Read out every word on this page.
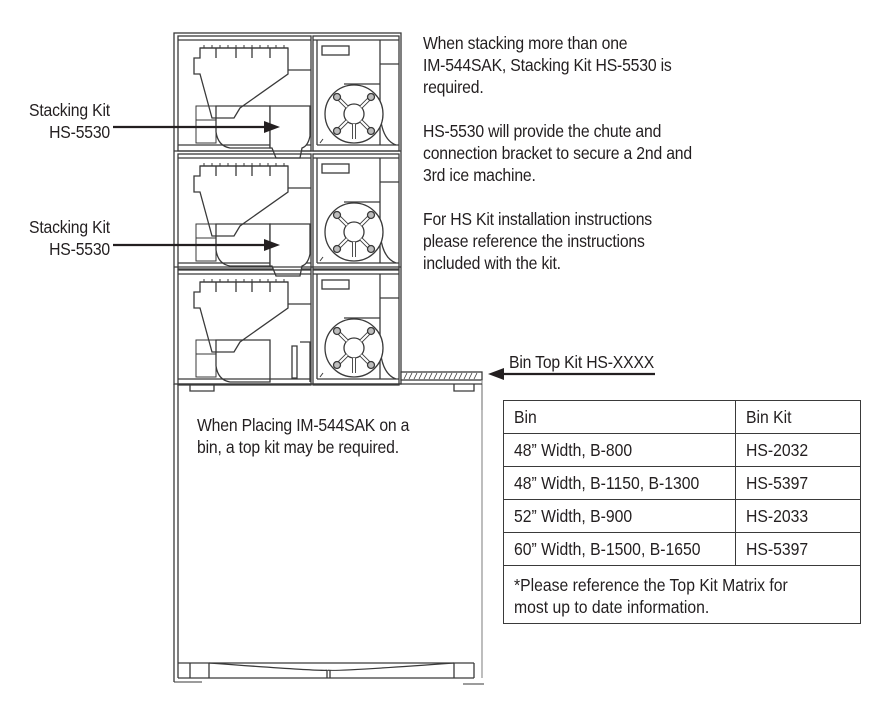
Stacking Kit
HS-5530
Stacking Kit
HS-5530
Bin Top Kit HS-XXXX
When stacking more than one
IM-544SAK, Stacking Kit HS-5530 is
required.
HS-5530 will provide the chute and
connection bracket to secure a 2nd and
3rd ice machine.
For HS Kit installation instructions
please reference the instructions
included with the kit.
When Placing IM-544SAK on a
bin, a top kit may be required.
Bin	Bin Kit
48” Width, B-800	HS-2032
48” Width, B-1150, B-1300	HS-5397
52” Width, B-900	HS-2033
60” Width, B-1500, B-1650	HS-5397

*Please reference the Top Kit Matrix for
most up to date information.	
